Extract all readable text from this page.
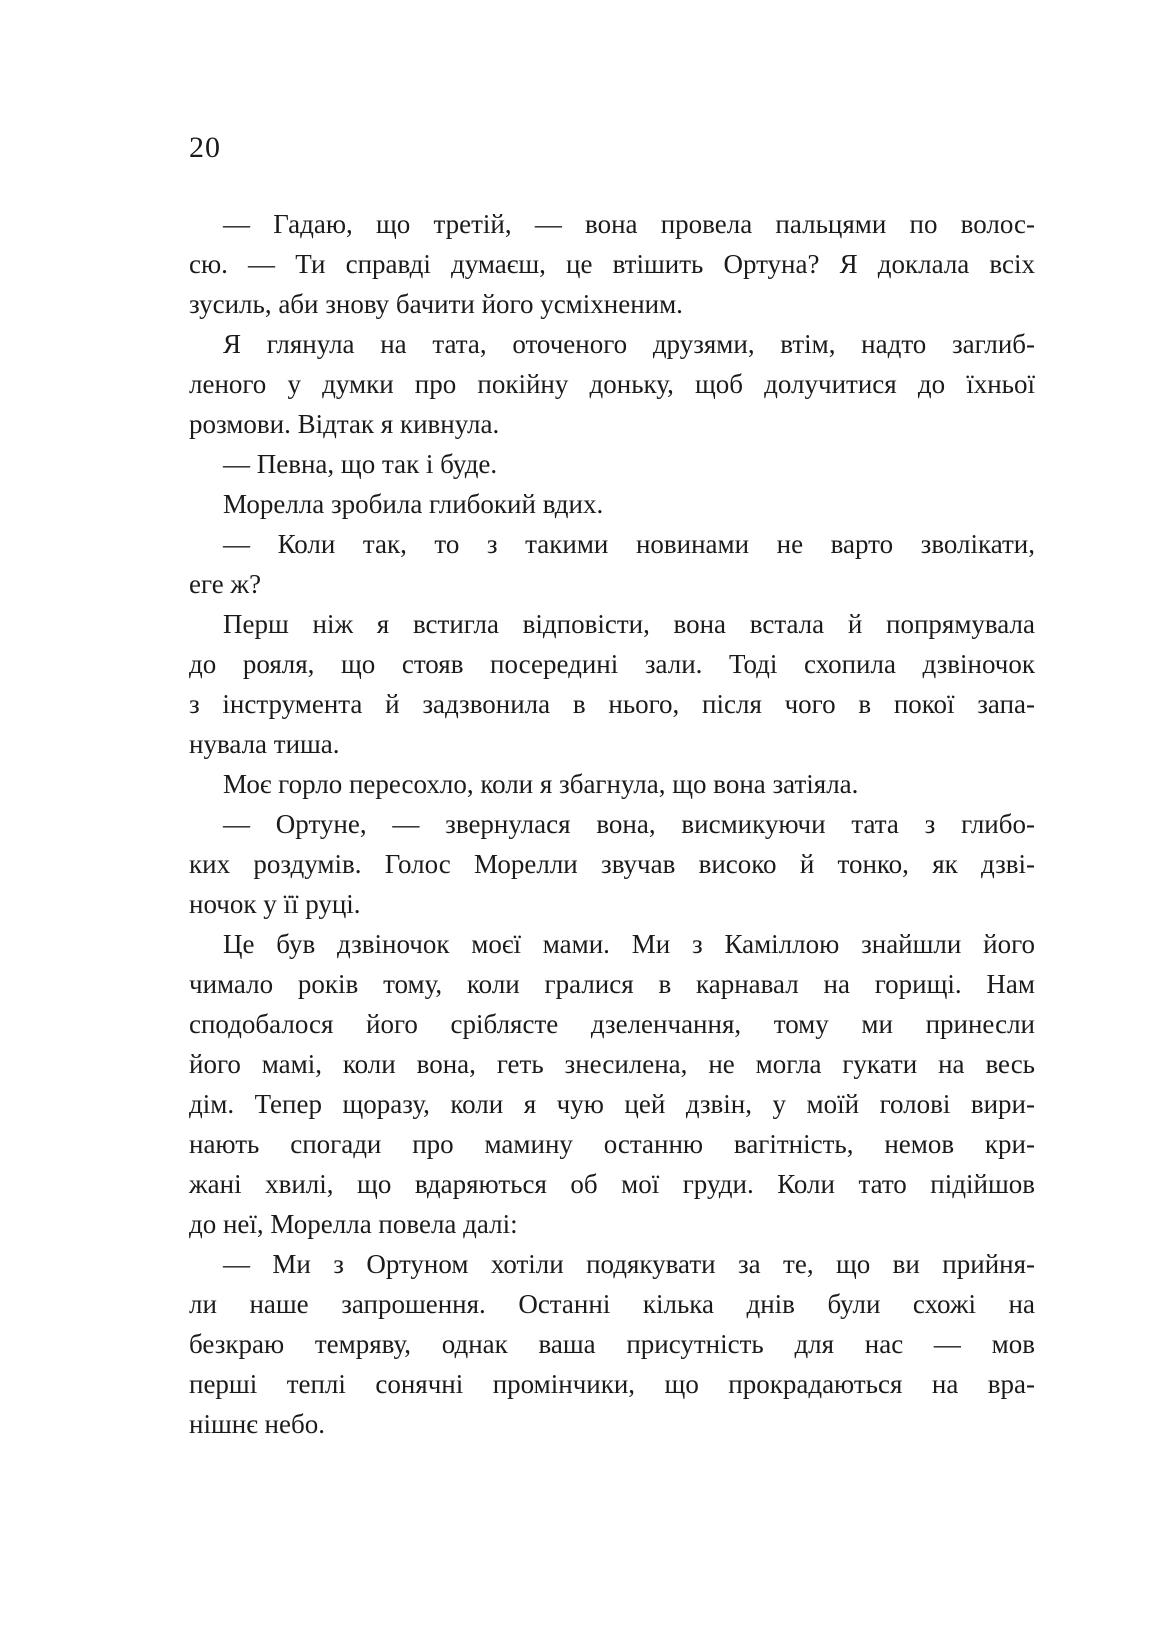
20

— Гадаю, що третій, — вона провела пальцями по волос-
сю. — Ти справді думаєш, це втішить Ортуна? Я доклала всіх
зусиль, аби знову бачити його усміхненим.

Я глянула на тата, оточеного друзями, втім, надто заглиб-
леного у думки про покійну доньку, щоб долучитися до їхньої
розмови. Відтак я кивнула.

— Певна, що так і буде.

Морелла зробила глибокий вдих.

— Коли так, то з такими новинами не варто зволікати,
еге ж?

Перш ніж я встигла відповісти, вона встала й попрямувала
до рояля, що стояв посередині зали. Тоді схопила дзвіночок
з інструмента й задзвонила в нього, після чого в покої запа-
нувала тиша.

Моє горло пересохло, коли я збагнула, що вона затіяла.

— Ортуне, — звернулася вона, висмикуючи тата з глибо-
ких роздумів. Голос Морелли звучав високо й тонко, як дзві-
ночок у її руці.

Це був дзвіночок моєї мами. Ми з Каміллою знайшли його
чимало років тому, коли гралися в карнавал на горищі. Нам
сподобалося його сріблясте дзеленчання, тому ми принесли
його мамі, коли вона, геть знесилена, не могла гукати на весь
дім. Тепер щоразу, коли я чую цей дзвін, у моїй голові вири-
нають спогади про мамину останню вагітність, немов кри-
жані хвилі, що вдаряються об мої груди. Коли тато підійшов
до неї, Морелла повела далі:

— Ми з Ортуном хотіли подякувати за те, що ви прийня-
ли наше запрошення. Останні кілька днів були схожі на
безкраю темряву, однак ваша присутність для нас — мов
перші теплі сонячні промінчики, що прокрадаються на вра-
нішнє небо.
